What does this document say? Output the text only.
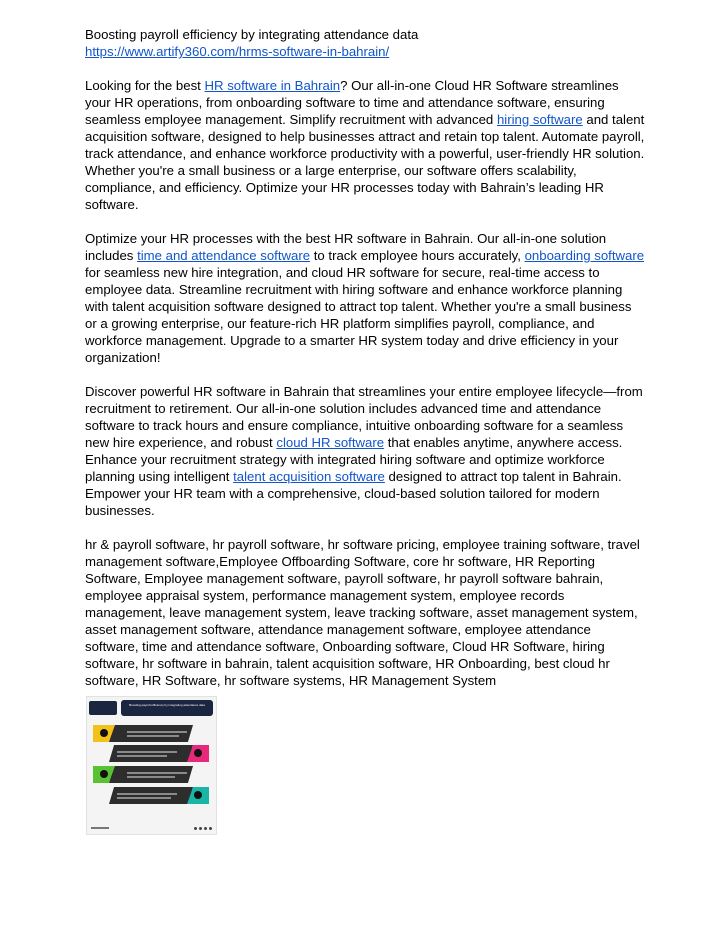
Boosting payroll efficiency by integrating attendance data

https://www.artify360.com/hrms-software-in-bahrain/

Looking for the best HR software in Bahrain? Our all-in-one Cloud HR Software streamlines your HR operations, from onboarding software to time and attendance software, ensuring seamless employee management. Simplify recruitment with advanced hiring software and talent acquisition software, designed to help businesses attract and retain top talent. Automate payroll, track attendance, and enhance workforce productivity with a powerful, user-friendly HR solution. Whether you're a small business or a large enterprise, our software offers scalability, compliance, and efficiency. Optimize your HR processes today with Bahrain’s leading HR software.

Optimize your HR processes with the best HR software in Bahrain. Our all-in-one solution includes time and attendance software to track employee hours accurately, onboarding software for seamless new hire integration, and cloud HR software for secure, real-time access to employee data. Streamline recruitment with hiring software and enhance workforce planning with talent acquisition software designed to attract top talent. Whether you're a small business or a growing enterprise, our feature-rich HR platform simplifies payroll, compliance, and workforce management. Upgrade to a smarter HR system today and drive efficiency in your organization!

Discover powerful HR software in Bahrain that streamlines your entire employee lifecycle—from recruitment to retirement. Our all-in-one solution includes advanced time and attendance software to track hours and ensure compliance, intuitive onboarding software for a seamless new hire experience, and robust cloud HR software that enables anytime, anywhere access. Enhance your recruitment strategy with integrated hiring software and optimize workforce planning using intelligent talent acquisition software designed to attract top talent in Bahrain. Empower your HR team with a comprehensive, cloud-based solution tailored for modern businesses.

hr & payroll software, hr payroll software, hr software pricing, employee training software, travel management software,Employee Offboarding Software, core hr software, HR Reporting Software, Employee management software, payroll software, hr payroll software bahrain, employee appraisal system, performance management system, employee records management, leave management system, leave tracking software, asset management system, asset management software, attendance management software, employee attendance software, time and attendance software, Onboarding software, Cloud HR Software, hiring software, hr software in bahrain, talent acquisition software, HR Onboarding, best cloud hr software, HR Software, hr software systems, HR Management System

Boosting payroll efficiency by integrating attendance data
